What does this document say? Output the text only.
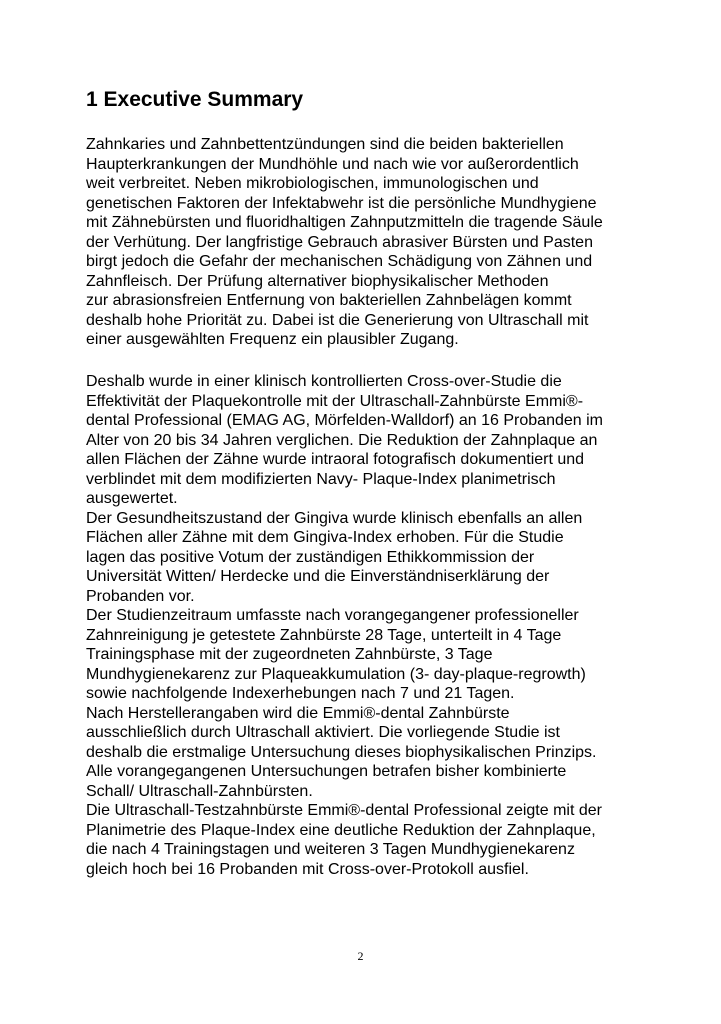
1 Executive Summary
Zahnkaries und Zahnbettentzündungen sind die beiden bakteriellen
Haupterkrankungen der Mundhöhle und nach wie vor außerordentlich
weit verbreitet. Neben mikrobiologischen, immunologischen und
genetischen Faktoren der Infektabwehr ist die persönliche Mundhygiene
mit Zähnebürsten und fluoridhaltigen Zahnputzmitteln die tragende Säule
der Verhütung. Der langfristige Gebrauch abrasiver Bürsten und Pasten
birgt jedoch die Gefahr der mechanischen Schädigung von Zähnen und
Zahnfleisch. Der Prüfung alternativer biophysikalischer Methoden
zur abrasionsfreien Entfernung von bakteriellen Zahnbelägen kommt
deshalb hohe Priorität zu. Dabei ist die Generierung von Ultraschall mit
einer ausgewählten Frequenz ein plausibler Zugang.
Deshalb wurde in einer klinisch kontrollierten Cross-over-Studie die
Effektivität der Plaquekontrolle mit der Ultraschall-Zahnbürste Emmi®-
dental Professional (EMAG AG, Mörfelden-Walldorf) an 16 Probanden im
Alter von 20 bis 34 Jahren verglichen. Die Reduktion der Zahnplaque an
allen Flächen der Zähne wurde intraoral fotografisch dokumentiert und
verblindet mit dem modifizierten Navy- Plaque-Index planimetrisch
ausgewertet.
Der Gesundheitszustand der Gingiva wurde klinisch ebenfalls an allen
Flächen aller Zähne mit dem Gingiva-Index erhoben. Für die Studie
lagen das positive Votum der zuständigen Ethikkommission der
Universität Witten/ Herdecke und die Einverständniserklärung der
Probanden vor.
Der Studienzeitraum umfasste nach vorangegangener professioneller
Zahnreinigung je getestete Zahnbürste 28 Tage, unterteilt in 4 Tage
Trainingsphase mit der zugeordneten Zahnbürste, 3 Tage
Mundhygienekarenz zur Plaqueakkumulation (3- day-plaque-regrowth)
sowie nachfolgende Indexerhebungen nach 7 und 21 Tagen.
Nach Herstellerangaben wird die Emmi®-dental Zahnbürste
ausschließlich durch Ultraschall aktiviert. Die vorliegende Studie ist
deshalb die erstmalige Untersuchung dieses biophysikalischen Prinzips.
Alle vorangegangenen Untersuchungen betrafen bisher kombinierte
Schall/ Ultraschall-Zahnbürsten.
Die Ultraschall-Testzahnbürste Emmi®-dental Professional zeigte mit der
Planimetrie des Plaque-Index eine deutliche Reduktion der Zahnplaque,
die nach 4 Trainingstagen und weiteren 3 Tagen Mundhygienekarenz
gleich hoch bei 16 Probanden mit Cross-over-Protokoll ausfiel.
2
